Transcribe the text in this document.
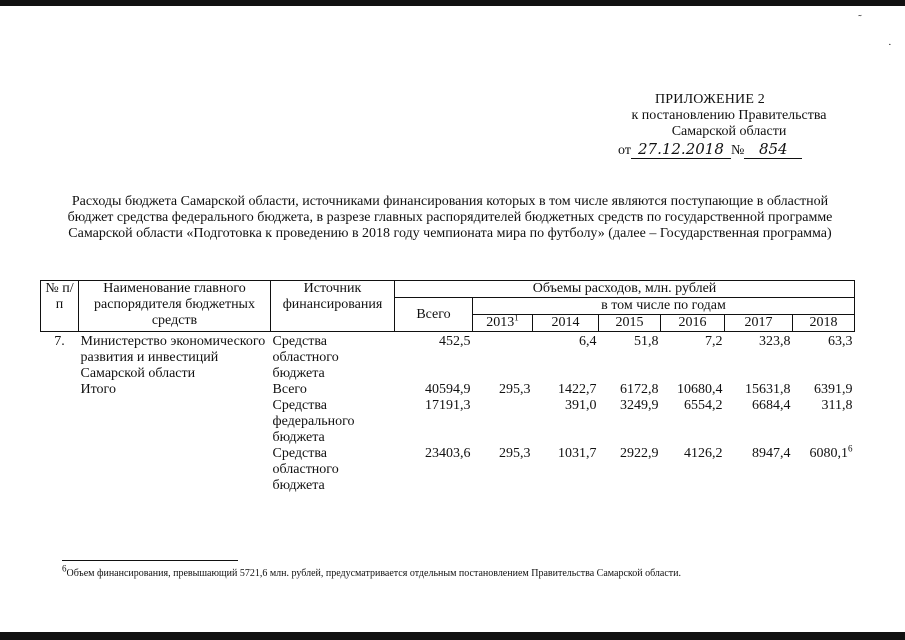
˜
·
ПРИЛОЖЕНИЕ 2
к постановлению Правительства
Самарской области
от 27.12.2018 № 854
Расходы бюджета Самарской области, источниками финансирования которых в том числе являются поступающие в областной бюджет средства федерального бюджета, в разрезе главных распорядителей бюджетных средств по государственной программе Самарской области «Подготовка к проведению в 2018 году чемпионата мира по футболу» (далее – Государственная программа)
№ п/п	Наименование главного распорядителя бюджетных средств	Источник финансирования	Объемы расходов, млн. рублей						
			Всего	в том числе по годам					
				2013$^1$	2014	2015	2016	2017	2018
7.	Министерство экономического развития и инвестиций Самарской области	Средства областного бюджета	452,5		6,4	51,8	7,2	323,8	63,3
	Итого	Всего	40594,9	295,3	1422,7	6172,8	10680,4	15631,8	6391,9
		Средства федерального бюджета	17191,3		391,0	3249,9	6554,2	6684,4	311,8
		Средства областного бюджета	23403,6	295,3	1031,7	2922,9	4126,2	8947,4	6080,1$^6$
$^6$Объем финансирования, превышающий 5721,6 млн. рублей, предусматривается отдельным постановлением Правительства Самарской области.
